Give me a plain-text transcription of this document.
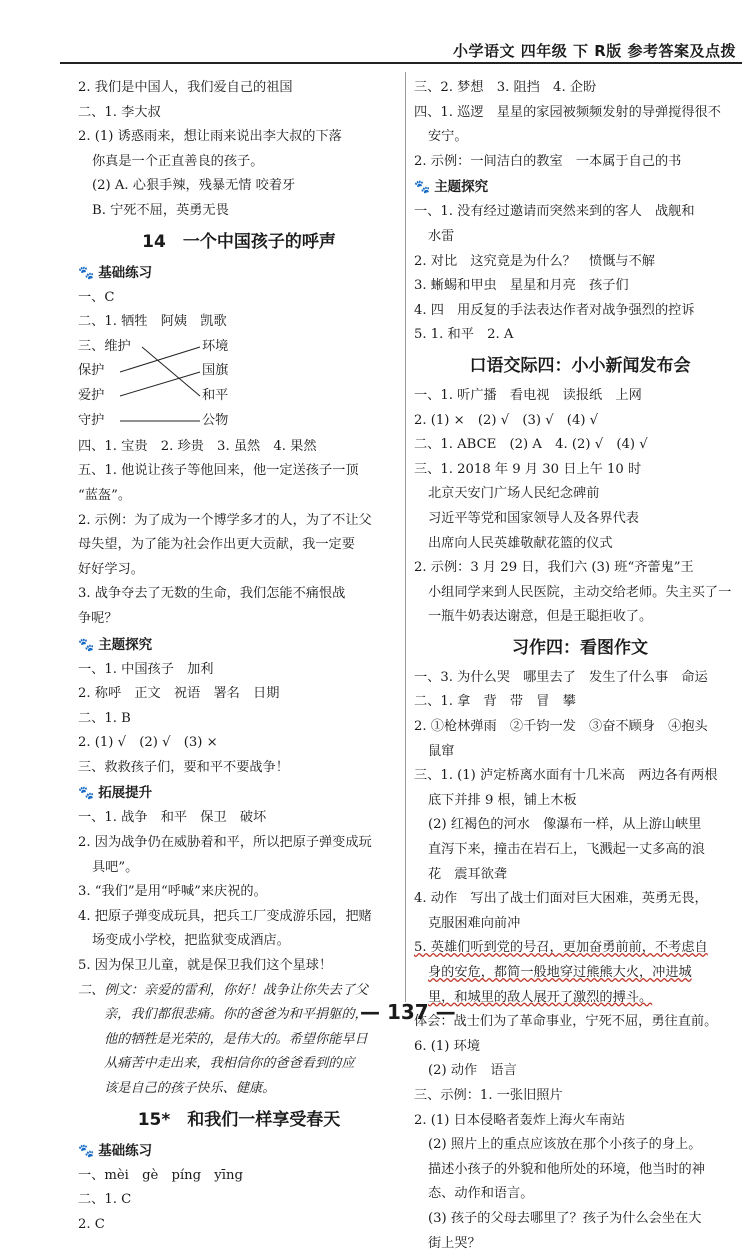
小学语文 四年级 下 R版 参考答案及点拨
2. 我们是中国人，我们爱自己的祖国
二、1. 李大叔
2. (1) 诱惑雨来，想让雨来说出李大叔的下落
你真是一个正直善良的孩子。
(2) A. 心狠手辣，残暴无情 咬着牙
B. 宁死不屈，英勇无畏
14　一个中国孩子的呼声
🐾 基础练习
一、C
二、1. 牺牲　阿姨　凯歌
三、维护
保护
爱护
守护
环境
国旗
和平
公物
四、1. 宝贵　2. 珍贵　3. 虽然　4. 果然
五、1. 他说让孩子等他回来，他一定送孩子一顶
“蓝盔”。
2. 示例：为了成为一个博学多才的人，为了不让父
母失望，为了能为社会作出更大贡献，我一定要
好好学习。
3. 战争夺去了无数的生命，我们怎能不痛恨战
争呢？
🐾 主题探究
一、1. 中国孩子　加利
2. 称呼　正文　祝语　署名　日期
二、1. B
2. (1) √　(2) √　(3) ×
三、救救孩子们，要和平不要战争！
🐾 拓展提升
一、1. 战争　和平　保卫　破坏
2. 因为战争仍在威胁着和平，所以把原子弹变成玩
具吧”。
3. “我们”是用“呼喊”来庆祝的。
4. 把原子弹变成玩具，把兵工厂变成游乐园，把赌
场变成小学校，把监狱变成酒店。
5. 因为保卫儿童，就是保卫我们这个星球！
二、例文：亲爱的雷利，你好！战争让你失去了父
亲，我们都很悲痛。你的爸爸为和平捐躯的，
他的牺牲是光荣的，是伟大的。希望你能早日
从痛苦中走出来，我相信你的爸爸看到的应
该是自己的孩子快乐、健康。
15*　和我们一样享受春天
🐾 基础练习
一、mèi　gè　píng　yīng
二、1. C
2. C
三、2. 梦想　3. 阻挡　4. 企盼
四、1. 巡逻　 星星的家园被频频发射的导弹搅得很不
安宁。
2. 示例：一间洁白的教室　一本属于自己的书
🐾 主题探究
一、1. 没有经过邀请而突然来到的客人　战舰和
水雷
2. 对比　这究竟是为什么？　愤慨与不解
3. 蜥蜴和甲虫　星星和月亮　孩子们
4. 四　用反复的手法表达作者对战争强烈的控诉
5. 1. 和平　2. A
口语交际四：小小新闻发布会
一、1. 听广播　看电视　读报纸　上网
2. (1) ×　(2) √　(3) √　(4) √
二、1. ABCE　(2) A　4. (2) √　(4) √
三、1. 2018 年 9 月 30 日上午 10 时
北京天安门广场人民纪念碑前
习近平等党和国家领导人及各界代表
出席向人民英雄敬献花篮的仪式
2. 示例：3 月 29 日，我们六 (3) 班“齐蕾鬼”王
小组同学来到人民医院，主动交给老师。失主买了一
一瓶牛奶表达谢意，但是王聪拒收了。
习作四：看图作文
一、3. 为什么哭　哪里去了　发生了什么事　命运
二、1. 拿　背　带　冒　攀
2. ①枪林弹雨　②千钧一发　③奋不顾身　④抱头
鼠窜
三、1. (1) 泸定桥离水面有十几米高　两边各有两根
底下并排 9 根，铺上木板
(2) 红褐色的河水　像瀑布一样，从上游山峡里
直泻下来，撞击在岩石上，飞溅起一丈多高的浪
花　震耳欲聋
4. 动作　写出了战士们面对巨大困难，英勇无畏，
克服困难向前冲
5. 英雄们听到党的号召，更加奋勇前前，不考虑自
身的安危，都简一般地穿过熊熊大火，冲进城
里，和城里的敌人展开了激烈的搏斗。
体会：战士们为了革命事业，宁死不屈，勇往直前。
6. (1) 环境
(2) 动作　语言
三、示例：1. 一张旧照片
2. (1) 日本侵略者轰炸上海火车南站
(2) 照片上的重点应该放在那个小孩子的身上。
描述小孩子的外貌和他所处的环境，他当时的神
态、动作和语言。
(3) 孩子的父母去哪里了？孩子为什么会坐在大
街上哭？
— 137 —
